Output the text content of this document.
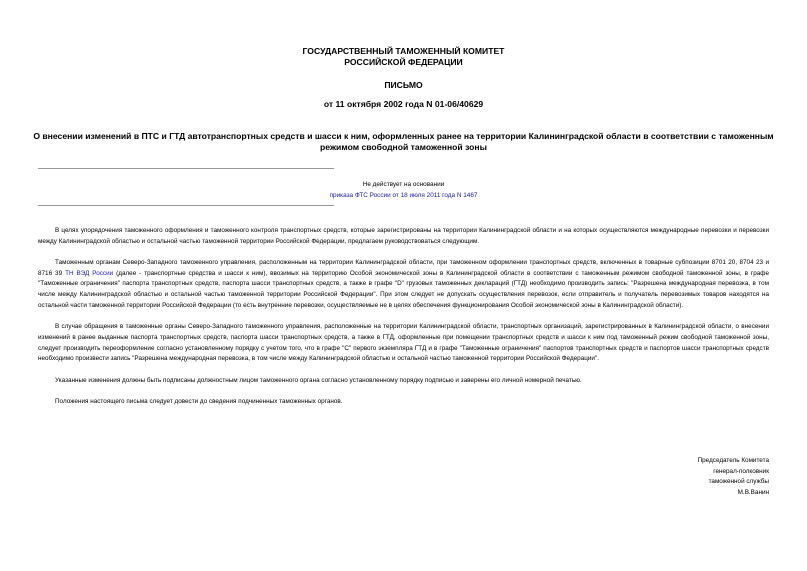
ГОСУДАРСТВЕННЫЙ ТАМОЖЕННЫЙ КОМИТЕТ
РОССИЙСКОЙ ФЕДЕРАЦИИ
ПИСЬМО
от 11 октября 2002 года N 01-06/40629
О внесении изменений в ПТС и ГТД автотранспортных средств и шасси к ним, оформленных ранее на территории Калининградской области в соответствии с таможенным режимом свободной таможенной зоны
Не действует на основании
приказа ФТС России от 18 июля 2011 года N 1467

В целях упорядочения таможенного оформления и таможенного контроля транспортных средств, которые зарегистрированы на территории Калининградской области и на которых осуществляются международные перевозки и перевозки между Калининградской областью и остальной частью таможенной территории Российской Федерации, предлагаем руководствоваться следующим.

Таможенным органам Северо-Западного таможенного управления, расположенным на территории Калининградской области, при таможенном оформлении транспортных средств, включенных в товарные субпозиции 8701 20, 8704 23 и 8716 39 ТН ВЭД России (далее - транспортные средства и шасси к ним), ввозимых на территорию Особой экономической зоны в Калининградской области в соответствии с таможенным режимом свободной таможенной зоны, в графе "Таможенные ограничения" паспорта транспортных средств, паспорта шасси транспортных средств, а также в графе "D" грузовых таможенных деклараций (ГТД) необходимо производить запись: "Разрешена международная перевозка, в том числе между Калининградской областью и остальной частью таможенной территории Российской Федерации". При этом следует не допускать осуществления перевозок, если отправитель и получатель перевозимых товаров находятся на остальной части таможенной территории Российской Федерации (то есть внутренние перевозки, осуществляемые не в целях обеспечения функционирования Особой экономической зоны в Калининградской области).

В случае обращения в таможенные органы Северо-Западного таможенного управления, расположенные на территории Калининградской области, транспортных организаций, зарегистрированных в Калининградской области, о внесении изменений в ранее выданные паспорта транспортных средств, паспорта шасси транспортных средств, а также в ГТД, оформленные при помещении транспортных средств и шасси к ним под таможенный режим свободной таможенной зоны, следует производить переоформление согласно установленному порядку с учетом того, что в графе "С" первого экземпляра ГТД и в графе "Таможенные ограничения" паспортов транспортных средств и паспортов шасси транспортных средств необходимо произвести запись "Разрешена международная перевозка, в том числе между Калининградской областью и остальной частью таможенной территории Российской Федерации".

Указанные изменения должны быть подписаны должностным лицом таможенного органа согласно установленному порядку подписью и заверены его личной номерной печатью.

Положения настоящего письма следует довести до сведения подчиненных таможенных органов.

Председатель Комитета
генерал-полковник
таможенной службы
М.В.Ванин
